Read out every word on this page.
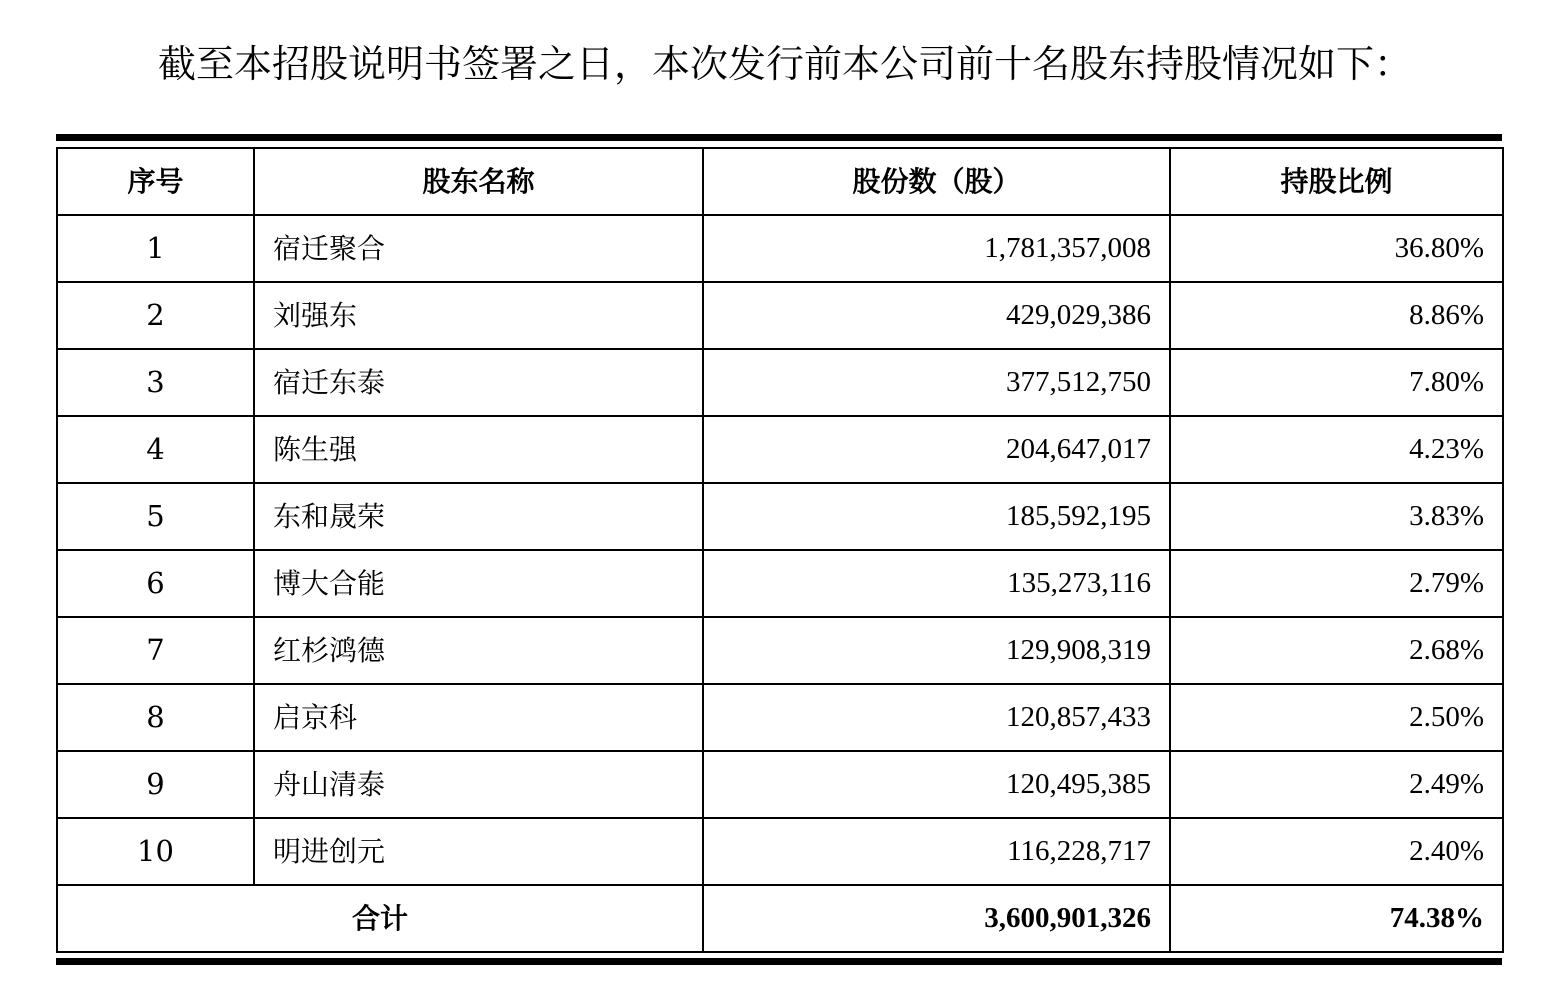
截至本招股说明书签署之日，本次发行前本公司前十名股东持股情况如下：
序号	股东名称	股份数（股）	持股比例
1	宿迁聚合	1,781,357,008	36.80%
2	刘强东	429,029,386	8.86%
3	宿迁东泰	377,512,750	7.80%
4	陈生强	204,647,017	4.23%
5	东和晟荣	185,592,195	3.83%
6	博大合能	135,273,116	2.79%
7	红杉鸿德	129,908,319	2.68%
8	启京科	120,857,433	2.50%
9	舟山清泰	120,495,385	2.49%
10	明进创元	116,228,717	2.40%
合计		3,600,901,326	74.38%
